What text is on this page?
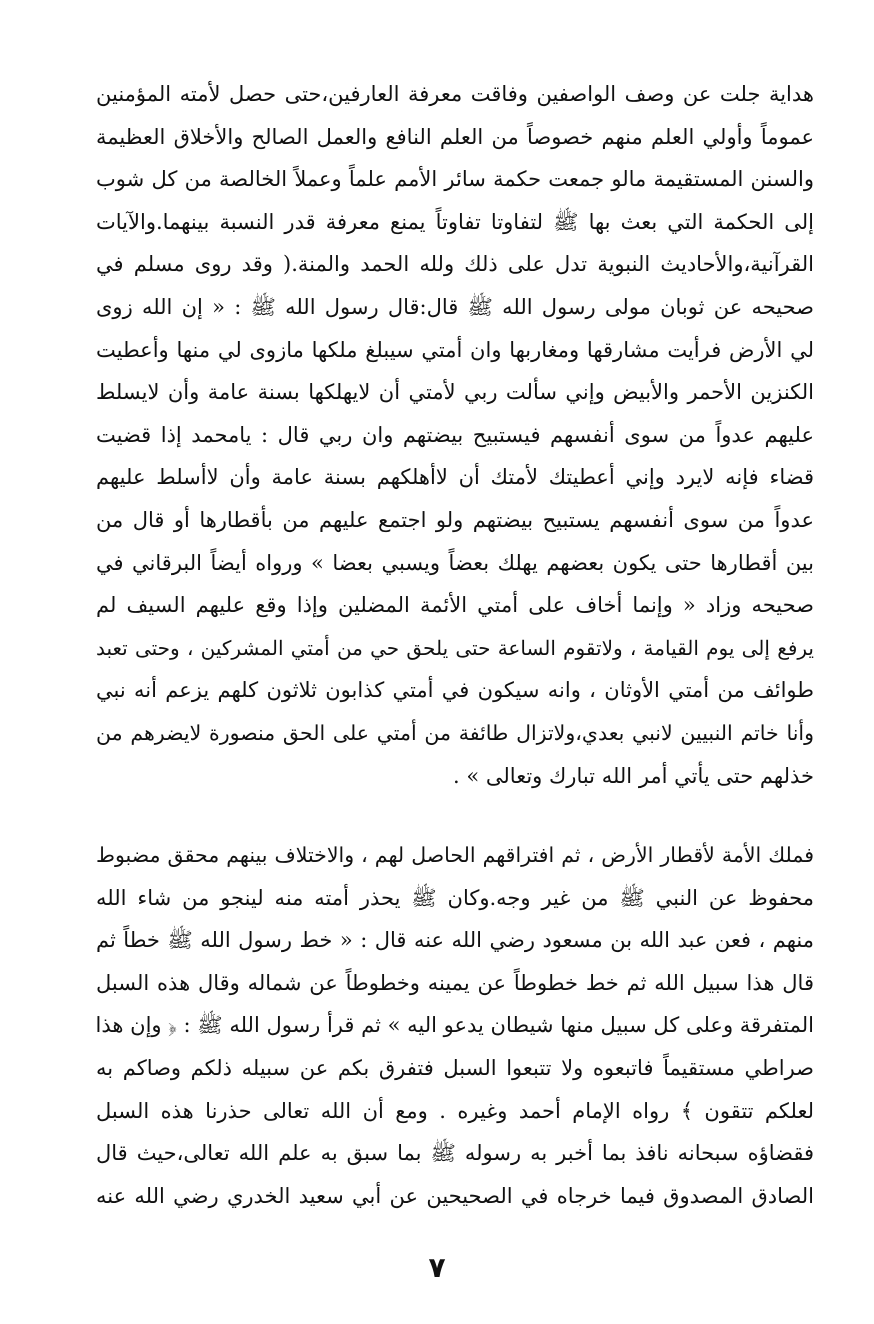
هداية جلت عن وصف الواصفين وفاقت معرفة العارفين،حتى حصل لأمته المؤمنين
عموماً وأولي العلم منهم خصوصاً من العلم النافع والعمل الصالح والأخلاق العظيمة
والسنن المستقيمة مالو جمعت حكمة سائر الأمم علماً وعملاً الخالصة من كل شوب
إلى الحكمة التي بعث بها ﷺ لتفاوتا تفاوتاً يمنع معرفة قدر النسبة بينهما.والآيات
القرآنية،والأحاديث النبوية تدل على ذلك ولله الحمد والمنة.( وقد روى مسلم في
صحيحه عن ثوبان مولى رسول الله ﷺ قال:قال رسول الله ﷺ : « إن الله زوى
لي الأرض فرأيت مشارقها ومغاربها وان أمتي سيبلغ ملكها مازوى لي منها وأعطيت
الكنزين الأحمر والأبيض وإني سألت ربي لأمتي أن لايهلكها بسنة عامة وأن لايسلط
عليهم عدواً من سوى أنفسهم فيستبيح بيضتهم وان ربي قال : يامحمد إذا قضيت
قضاء فإنه لايرد وإني أعطيتك لأمتك أن لاأهلكهم بسنة عامة وأن لاأسلط عليهم
عدواً من سوى أنفسهم يستبيح بيضتهم ولو اجتمع عليهم من بأقطارها أو قال من
بين أقطارها حتى يكون بعضهم يهلك بعضاً ويسبي بعضا » ورواه أيضاً البرقاني في
صحيحه وزاد « وإنما أخاف على أمتي الأئمة المضلين وإذا وقع عليهم السيف لم
يرفع إلى يوم القيامة ، ولاتقوم الساعة حتى يلحق حي من أمتي المشركين ، وحتى تعبد
طوائف من أمتي الأوثان ، وانه سيكون في أمتي كذابون ثلاثون كلهم يزعم أنه نبي
وأنا خاتم النبيين لانبي بعدي،ولاتزال طائفة من أمتي على الحق منصورة لايضرهم من
خذلهم حتى يأتي أمر الله تبارك وتعالى » .
فملك الأمة لأقطار الأرض ، ثم افتراقهم الحاصل لهم ، والاختلاف بينهم محقق مضبوط
محفوظ عن النبي ﷺ من غير وجه.وكان ﷺ يحذر أمته منه لينجو من شاء الله
منهم ، فعن عبد الله بن مسعود رضي الله عنه قال : « خط رسول الله ﷺ خطاً ثم
قال هذا سبيل الله ثم خط خطوطاً عن يمينه وخطوطاً عن شماله وقال هذه السبل
المتفرقة وعلى كل سبيل منها شيطان يدعو اليه » ثم قرأ رسول الله ﷺ : ﴿ وإن هذا
صراطي مستقيماً فاتبعوه ولا تتبعوا السبل فتفرق بكم عن سبيله ذلكم وصاكم به
لعلكم تتقون ﴾ رواه الإمام أحمد وغيره . ومع أن الله تعالى حذرنا هذه السبل
فقضاؤه سبحانه نافذ بما أخبر به رسوله ﷺ بما سبق به علم الله تعالى،حيث قال
الصادق المصدوق فيما خرجاه في الصحيحين عن أبي سعيد الخدري رضي الله عنه
٧
